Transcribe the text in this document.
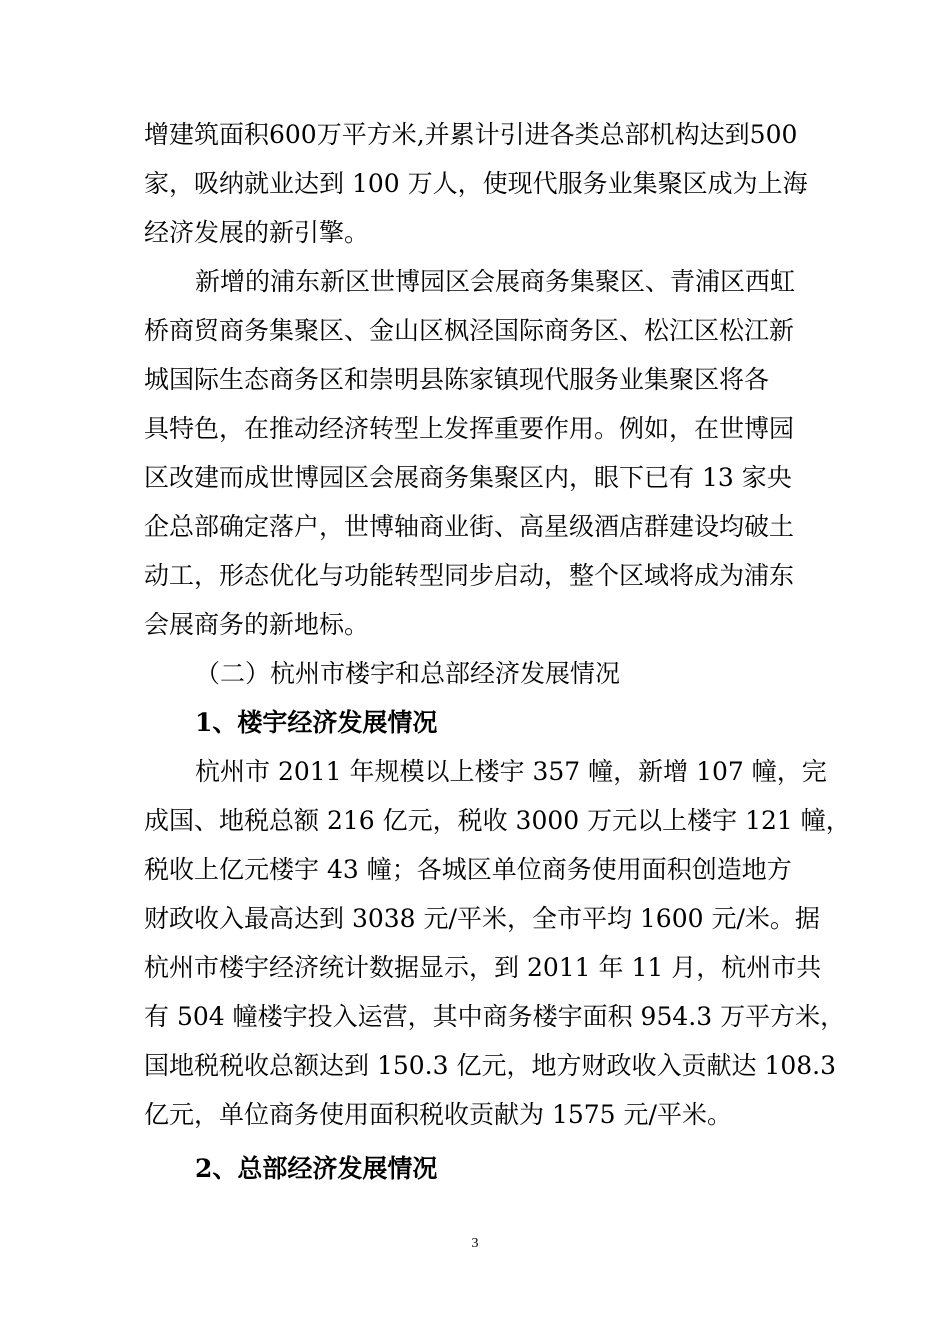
增建筑面积600万平方米,并累计引进各类总部机构达到500
家，吸纳就业达到 100 万人，使现代服务业集聚区成为上海
经济发展的新引擎。
新增的浦东新区世博园区会展商务集聚区、青浦区西虹
桥商贸商务集聚区、金山区枫泾国际商务区、松江区松江新
城国际生态商务区和崇明县陈家镇现代服务业集聚区将各
具特色，在推动经济转型上发挥重要作用。例如，在世博园
区改建而成世博园区会展商务集聚区内，眼下已有 13 家央
企总部确定落户，世博轴商业街、高星级酒店群建设均破土
动工，形态优化与功能转型同步启动，整个区域将成为浦东
会展商务的新地标。
（二）杭州市楼宇和总部经济发展情况
1、楼宇经济发展情况
杭州市 2011 年规模以上楼宇 357 幢，新增 107 幢，完
成国、地税总额 216 亿元，税收 3000 万元以上楼宇 121 幢，
税收上亿元楼宇 43 幢；各城区单位商务使用面积创造地方
财政收入最高达到 3038 元/平米，全市平均 1600 元/米。据
杭州市楼宇经济统计数据显示，到 2011 年 11 月，杭州市共
有 504 幢楼宇投入运营，其中商务楼宇面积 954.3 万平方米，
国地税税收总额达到 150.3 亿元，地方财政收入贡献达 108.3
亿元，单位商务使用面积税收贡献为 1575 元/平米。
2、总部经济发展情况
3
